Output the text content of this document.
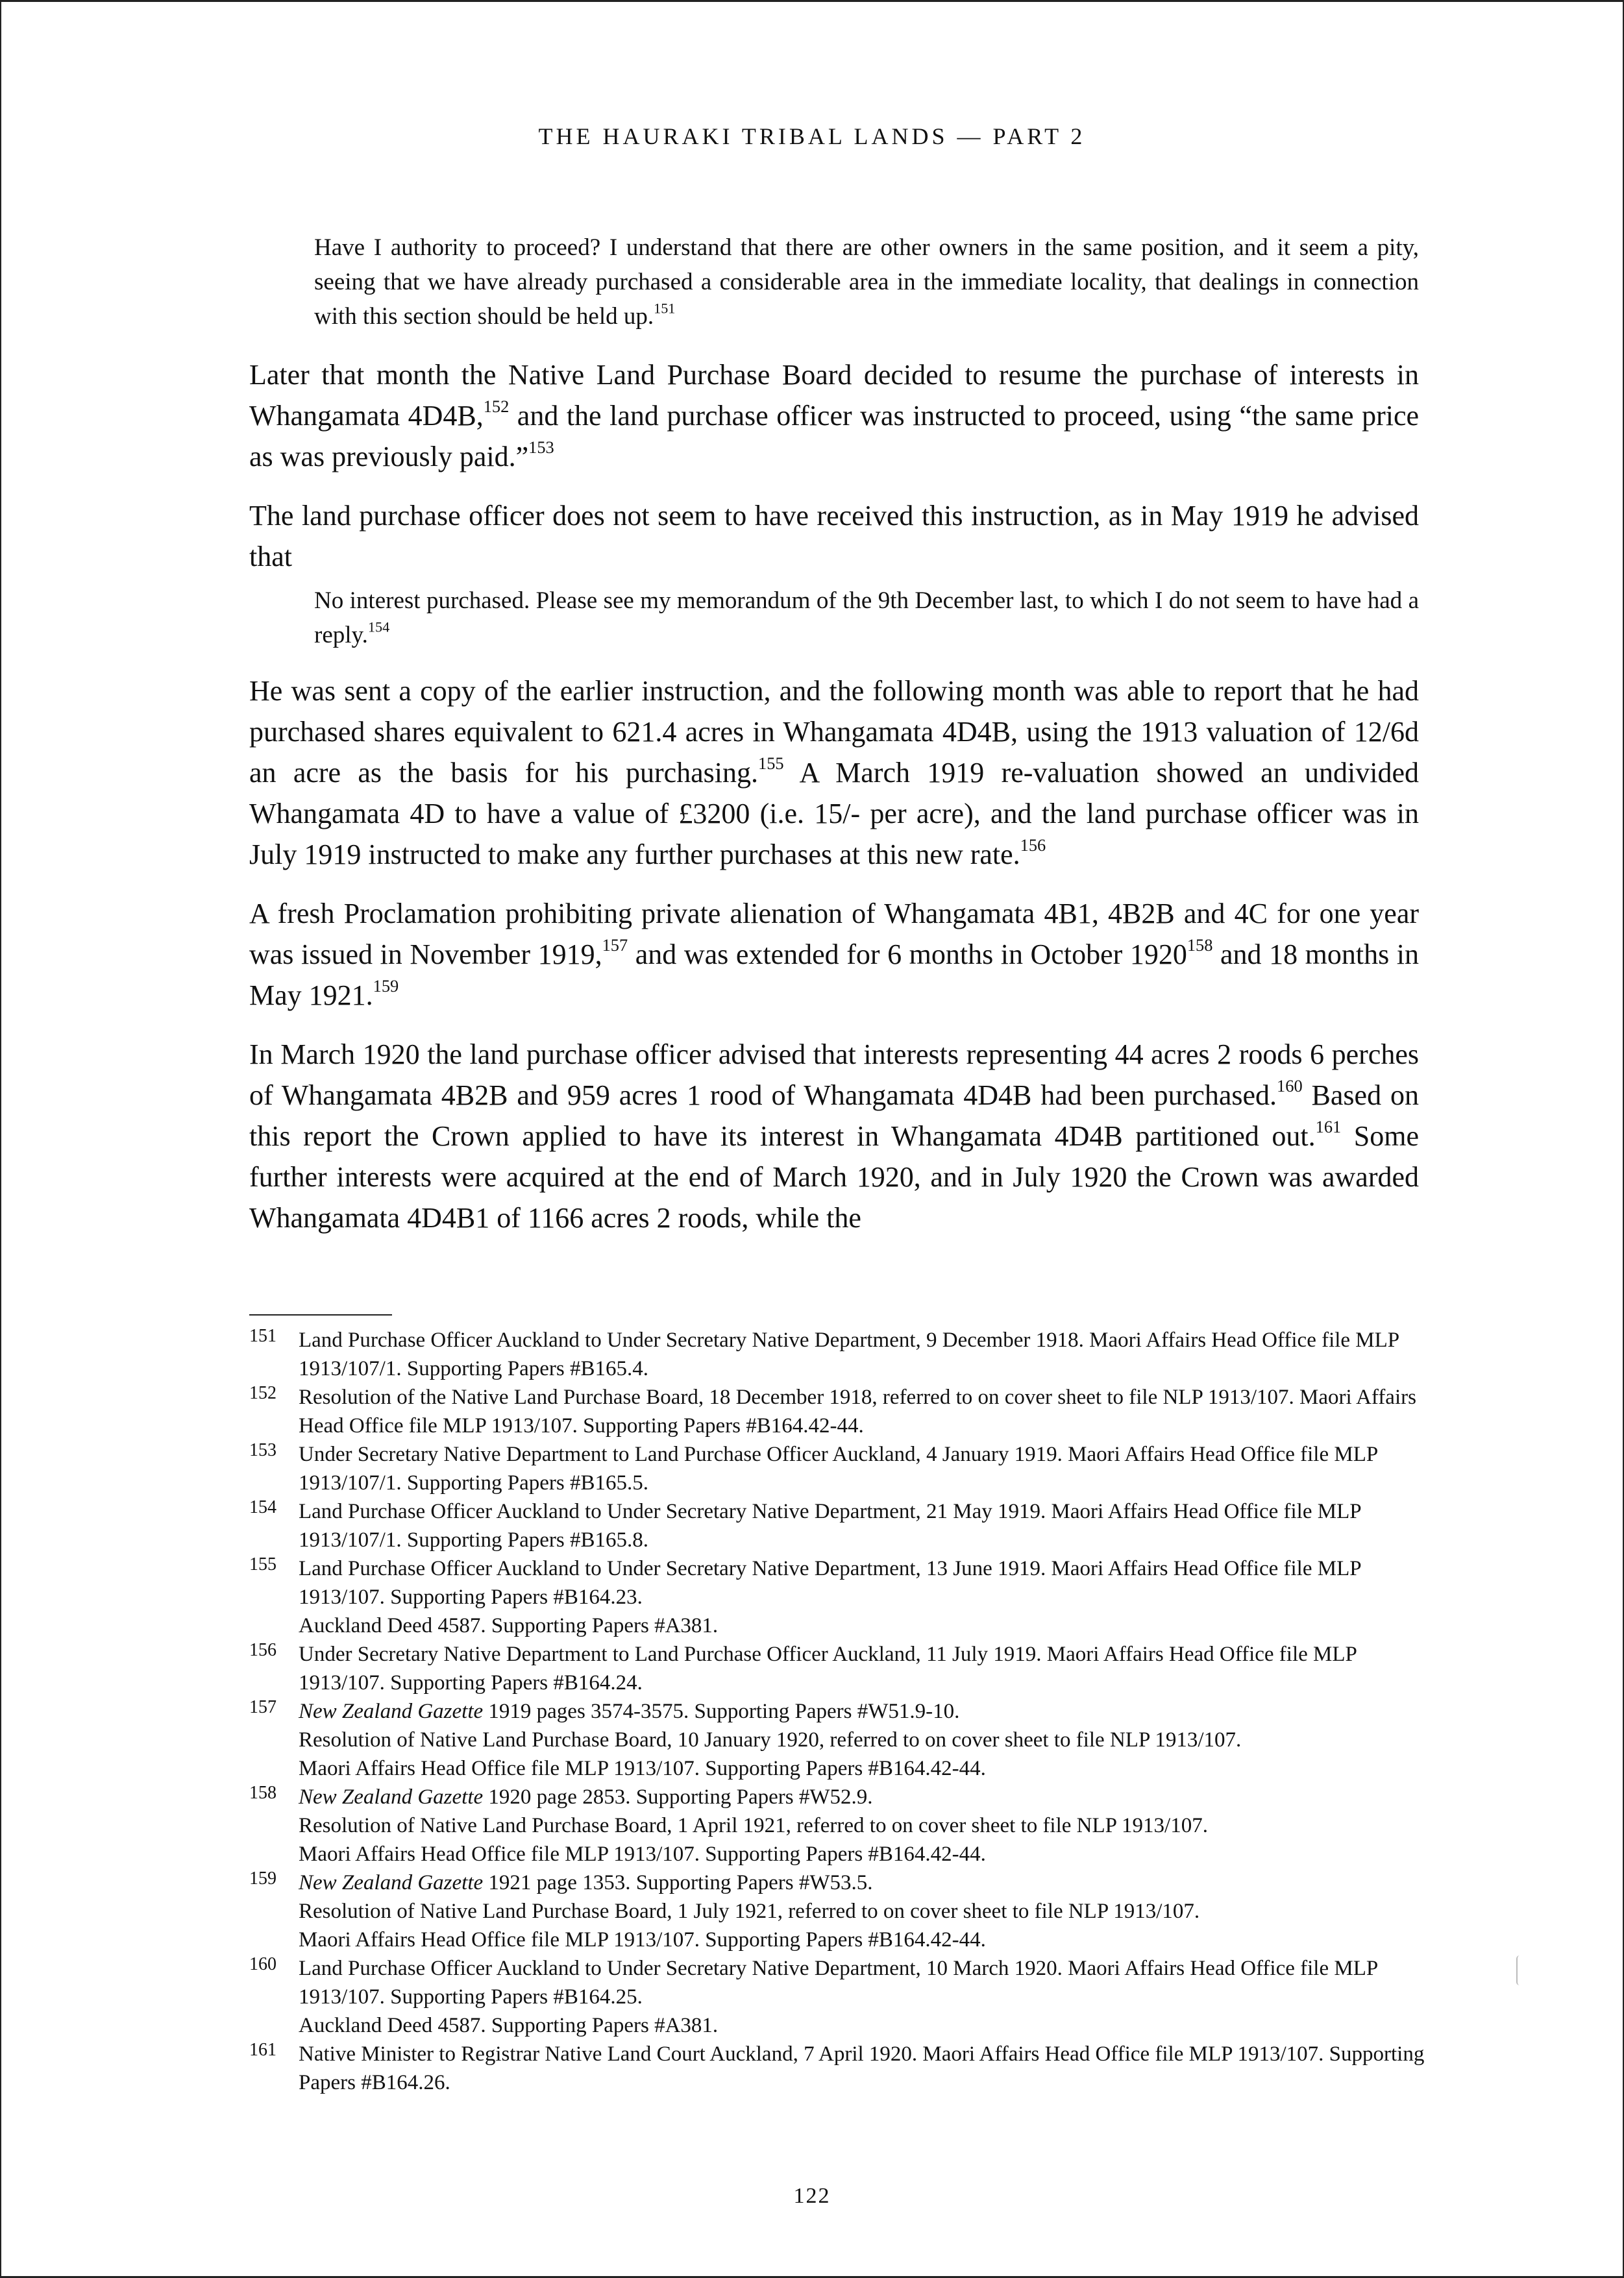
THE HAURAKI TRIBAL LANDS — PART 2

Have I authority to proceed? I understand that there are other owners in the same position, and it seem a pity, seeing that we have already purchased a considerable area in the immediate locality, that dealings in connection with this section should be held up.$^{151}$

Later that month the Native Land Purchase Board decided to resume the purchase of interests in Whangamata 4D4B,$^{152}$ and the land purchase officer was instructed to proceed, using “the same price as was previously paid.”$^{153}$

The land purchase officer does not seem to have received this instruction, as in May 1919 he advised that

No interest purchased. Please see my memorandum of the 9th December last, to which I do not seem to have had a reply.$^{154}$

He was sent a copy of the earlier instruction, and the following month was able to report that he had purchased shares equivalent to 621.4 acres in Whangamata 4D4B, using the 1913 valuation of 12/6d an acre as the basis for his purchasing.$^{155}$ A March 1919 re-valuation showed an undivided Whangamata 4D to have a value of £3200 (i.e. 15/- per acre), and the land purchase officer was in July 1919 instructed to make any further purchases at this new rate.$^{156}$

A fresh Proclamation prohibiting private alienation of Whangamata 4B1, 4B2B and 4C for one year was issued in November 1919,$^{157}$ and was extended for 6 months in October 1920$^{158}$ and 18 months in May 1921.$^{159}$

In March 1920 the land purchase officer advised that interests representing 44 acres 2 roods 6 perches of Whangamata 4B2B and 959 acres 1 rood of Whangamata 4D4B had been purchased.$^{160}$ Based on this report the Crown applied to have its interest in Whangamata 4D4B partitioned out.$^{161}$ Some further interests were acquired at the end of March 1920, and in July 1920 the Crown was awarded Whangamata 4D4B1 of 1166 acres 2 roods, while the

151	Land Purchase Officer Auckland to Under Secretary Native Department, 9 December 1918. Maori Affairs Head Office file MLP 1913/107/1. Supporting Papers #B165.4.
152	Resolution of the Native Land Purchase Board, 18 December 1918, referred to on cover sheet to file NLP 1913/107. Maori Affairs Head Office file MLP 1913/107. Supporting Papers #B164.42-44.
153	Under Secretary Native Department to Land Purchase Officer Auckland, 4 January 1919. Maori Affairs Head Office file MLP 1913/107/1. Supporting Papers #B165.5.
154	Land Purchase Officer Auckland to Under Secretary Native Department, 21 May 1919. Maori Affairs Head Office file MLP 1913/107/1. Supporting Papers #B165.8.
155	Land Purchase Officer Auckland to Under Secretary Native Department, 13 June 1919. Maori Affairs Head Office file MLP 1913/107. Supporting Papers #B164.23.
Auckland Deed 4587. Supporting Papers #A381.
156	Under Secretary Native Department to Land Purchase Officer Auckland, 11 July 1919. Maori Affairs Head Office file MLP 1913/107. Supporting Papers #B164.24.
157	New Zealand Gazette 1919 pages 3574-3575. Supporting Papers #W51.9-10.
Resolution of Native Land Purchase Board, 10 January 1920, referred to on cover sheet to file NLP 1913/107.
Maori Affairs Head Office file MLP 1913/107. Supporting Papers #B164.42-44.
158	New Zealand Gazette 1920 page 2853. Supporting Papers #W52.9.
Resolution of Native Land Purchase Board, 1 April 1921, referred to on cover sheet to file NLP 1913/107.
Maori Affairs Head Office file MLP 1913/107. Supporting Papers #B164.42-44.
159	New Zealand Gazette 1921 page 1353. Supporting Papers #W53.5.
Resolution of Native Land Purchase Board, 1 July 1921, referred to on cover sheet to file NLP 1913/107.
Maori Affairs Head Office file MLP 1913/107. Supporting Papers #B164.42-44.
160	Land Purchase Officer Auckland to Under Secretary Native Department, 10 March 1920. Maori Affairs Head Office file MLP 1913/107. Supporting Papers #B164.25.
Auckland Deed 4587. Supporting Papers #A381.
161	Native Minister to Registrar Native Land Court Auckland, 7 April 1920. Maori Affairs Head Office file MLP 1913/107. Supporting Papers #B164.26.
122
